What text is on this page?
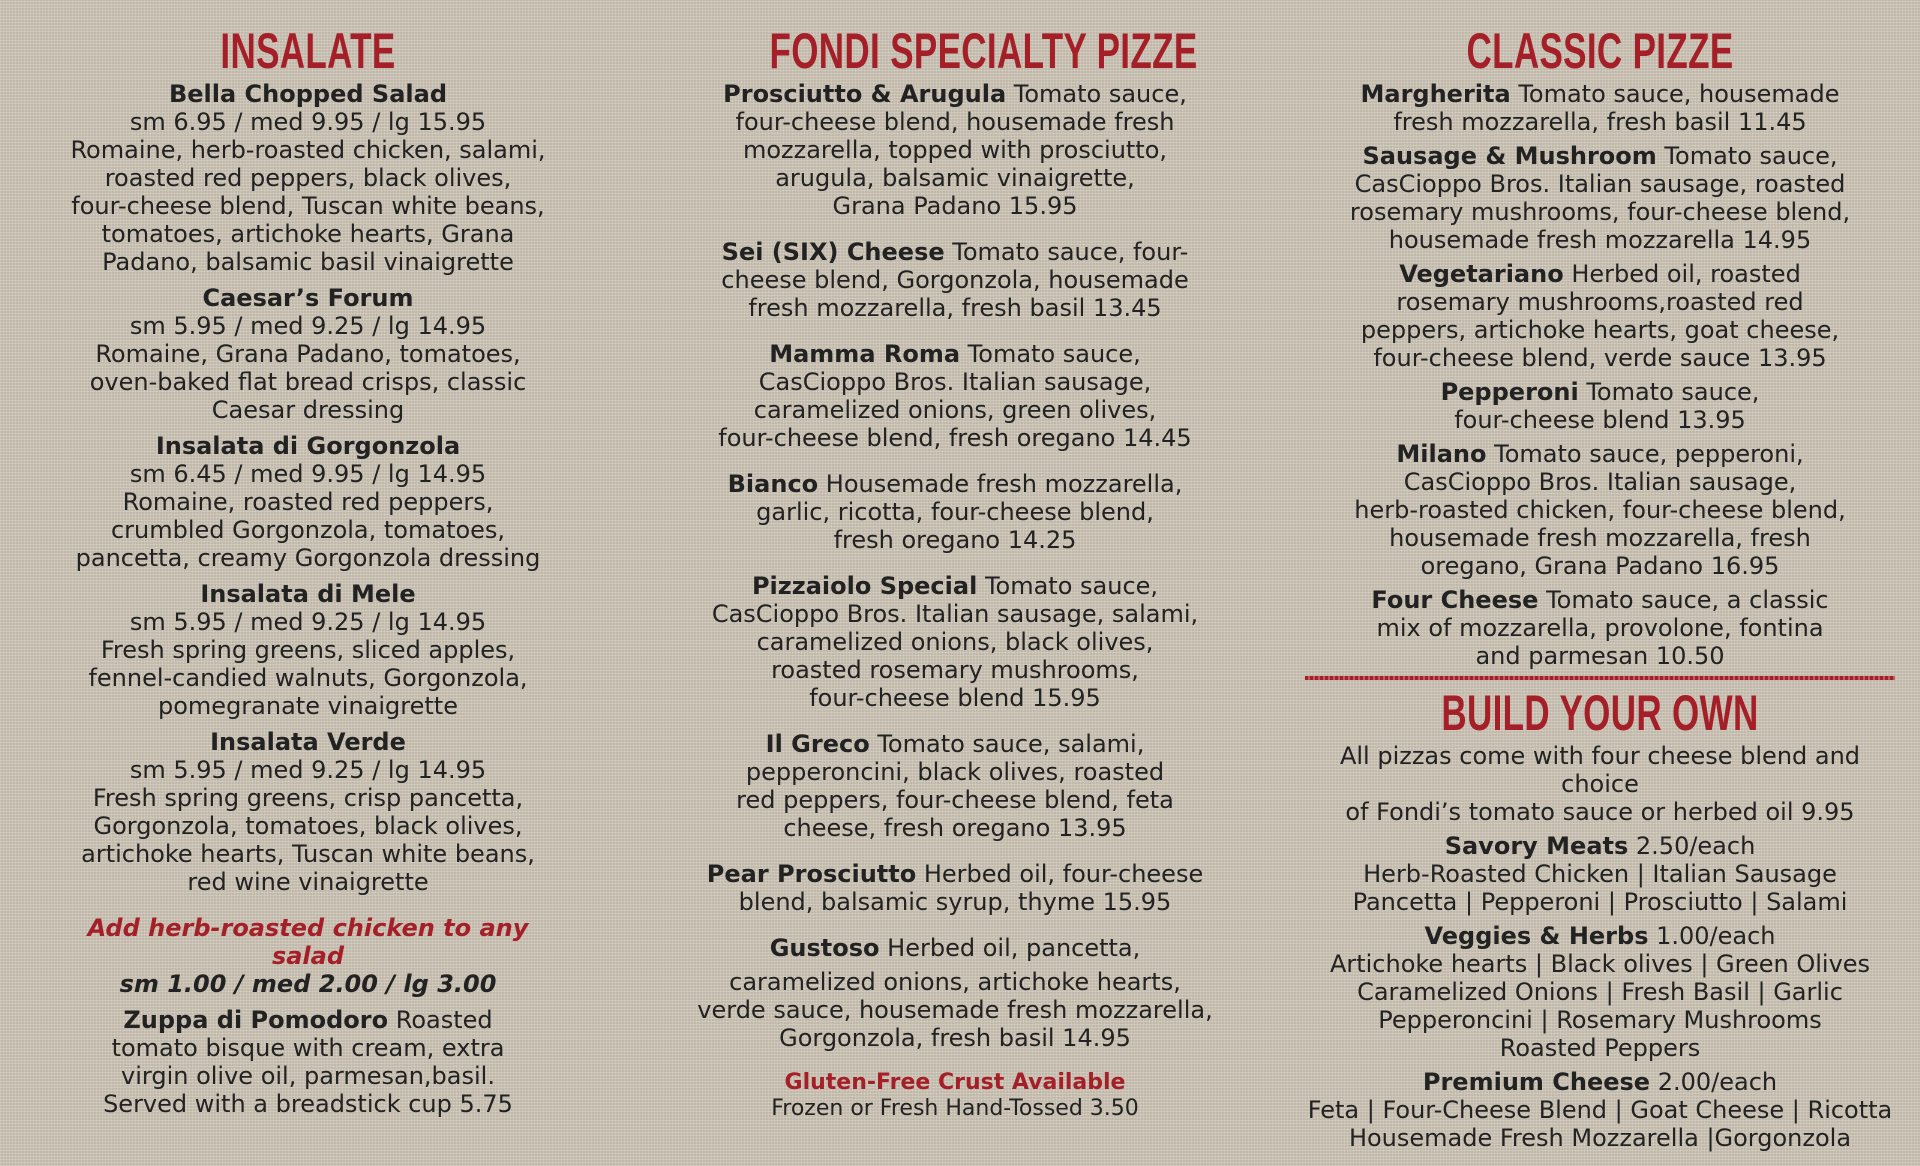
INSALATE
Bella Chopped Salad
sm 6.95 / med 9.95 / lg 15.95
Romaine, herb-roasted chicken, salami,
roasted red peppers, black olives,
four-cheese blend, Tuscan white beans,
tomatoes, artichoke hearts, Grana
Padano, balsamic basil vinaigrette
Caesar’s Forum
sm 5.95 / med 9.25 / lg 14.95
Romaine, Grana Padano, tomatoes,
oven-baked flat bread crisps, classic
Caesar dressing
Insalata di Gorgonzola
sm 6.45 / med 9.95 / lg 14.95
Romaine, roasted red peppers,
crumbled Gorgonzola, tomatoes,
pancetta, creamy Gorgonzola dressing
Insalata di Mele
sm 5.95 / med 9.25 / lg 14.95
Fresh spring greens, sliced apples,
fennel-candied walnuts, Gorgonzola,
pomegranate vinaigrette
Insalata Verde
sm 5.95 / med 9.25 / lg 14.95
Fresh spring greens, crisp pancetta,
Gorgonzola, tomatoes, black olives,
artichoke hearts, Tuscan white beans,
red wine vinaigrette
Add herb-roasted chicken to any salad
sm 1.00 / med 2.00 / lg 3.00
Zuppa di Pomodoro Roasted
tomato bisque with cream, extra
virgin olive oil, parmesan,basil.
Served with a breadstick cup 5.75
FONDI SPECIALTY PIZZE
Prosciutto & Arugula Tomato sauce,
four-cheese blend, housemade fresh
mozzarella, topped with prosciutto,
arugula, balsamic vinaigrette,
Grana Padano 15.95
Sei (SIX) Cheese Tomato sauce, four-
cheese blend, Gorgonzola, housemade
fresh mozzarella, fresh basil 13.45
Mamma Roma Tomato sauce,
CasCioppo Bros. Italian sausage,
caramelized onions, green olives,
four-cheese blend, fresh oregano 14.45
Bianco Housemade fresh mozzarella,
garlic, ricotta, four-cheese blend,
fresh oregano 14.25
Pizzaiolo Special Tomato sauce,
CasCioppo Bros. Italian sausage, salami,
caramelized onions, black olives,
roasted rosemary mushrooms,
four-cheese blend 15.95
Il Greco Tomato sauce, salami,
pepperoncini, black olives, roasted
red peppers, four-cheese blend, feta
cheese, fresh oregano 13.95
Pear Prosciutto Herbed oil, four-cheese
blend, balsamic syrup, thyme 15.95
Gustoso Herbed oil, pancetta,
caramelized onions, artichoke hearts,
verde sauce, housemade fresh mozzarella,
Gorgonzola, fresh basil 14.95
Gluten-Free Crust Available
Frozen or Fresh Hand-Tossed 3.50
CLASSIC PIZZE
Margherita Tomato sauce, housemade
fresh mozzarella, fresh basil 11.45
Sausage & Mushroom Tomato sauce,
CasCioppo Bros. Italian sausage, roasted
rosemary mushrooms, four-cheese blend,
housemade fresh mozzarella 14.95
Vegetariano Herbed oil, roasted
rosemary mushrooms,roasted red
peppers, artichoke hearts, goat cheese,
four-cheese blend, verde sauce 13.95
Pepperoni Tomato sauce,
four-cheese blend 13.95
Milano Tomato sauce, pepperoni,
CasCioppo Bros. Italian sausage,
herb-roasted chicken, four-cheese blend,
housemade fresh mozzarella, fresh
oregano, Grana Padano 16.95
Four Cheese Tomato sauce, a classic
mix of mozzarella, provolone, fontina
and parmesan 10.50
BUILD YOUR OWN
All pizzas come with four cheese blend and choice
of Fondi’s tomato sauce or herbed oil 9.95
Savory Meats 2.50/each
Herb-Roasted Chicken | Italian Sausage
Pancetta | Pepperoni | Prosciutto | Salami
Veggies & Herbs 1.00/each
Artichoke hearts | Black olives | Green Olives
Caramelized Onions | Fresh Basil | Garlic
Pepperoncini | Rosemary Mushrooms
Roasted Peppers
Premium Cheese 2.00/each
Feta | Four-Cheese Blend | Goat Cheese | Ricotta
Housemade Fresh Mozzarella |Gorgonzola
